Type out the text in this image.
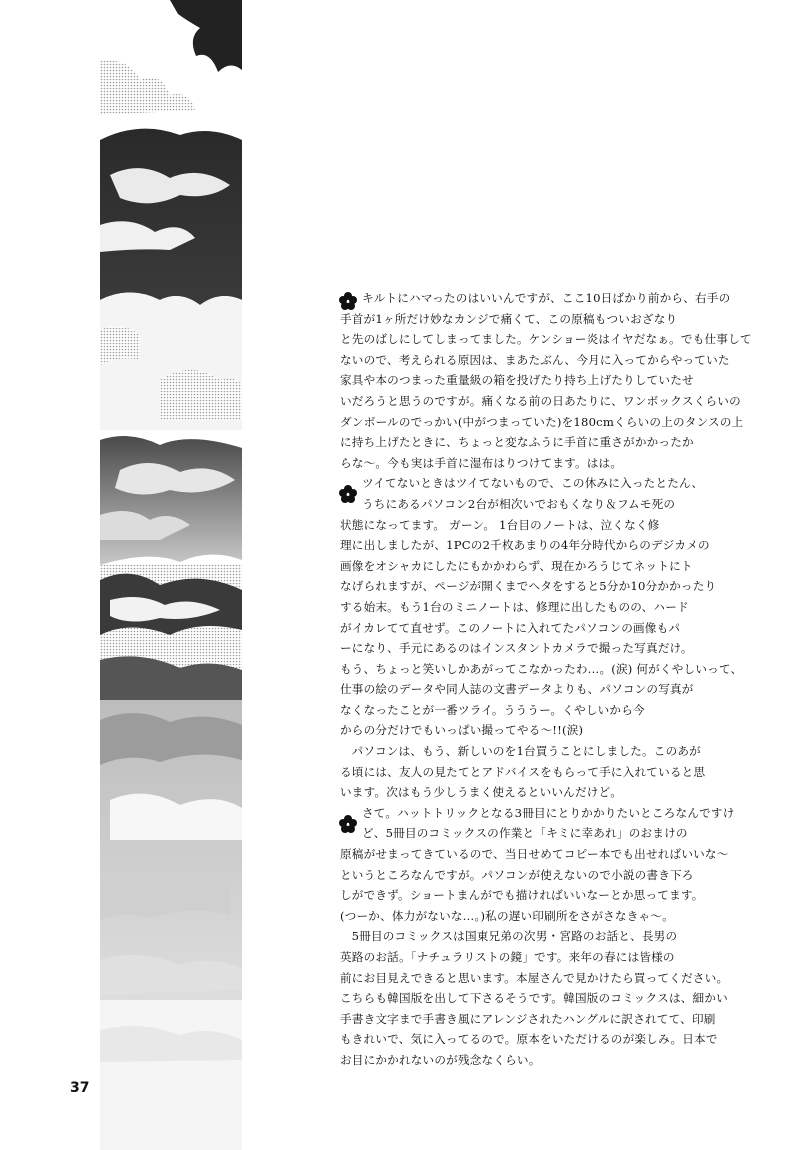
キルトにハマったのはいいんですが、ここ10日ばかり前から、右手の
手首が1ヶ所だけ妙なカンジで痛くて、この原稿もついおざなり
と先のばしにしてしまってました。ケンショー炎はイヤだなぁ。でも仕事して
ないので、考えられる原因は、まあたぶん、今月に入ってからやっていた
家具や本のつまった重量級の箱を投げたり持ち上げたりしていたせ
いだろうと思うのですが。痛くなる前の日あたりに、ワンボックスくらいの
ダンボールのでっかい(中がつまっていた)を180cmくらいの上のタンスの上
に持ち上げたときに、ちょっと変なふうに手首に重さがかかったか
らな〜。今も実は手首に湿布はりつけてます。はは。
ツイてないときはツイてないもので、この休みに入ったとたん、
うちにあるパソコン2台が相次いでおもくなり＆フムモ死の
状態になってます。 ガーン。 1台目のノートは、泣くなく修
理に出しましたが、1PCの2千枚あまりの4年分時代からのデジカメの
画像をオシャカにしたにもかかわらず、現在かろうじてネットにト
なげられますが、ページが開くまでヘタをすると5分か10分かかったり
する始末。もう1台のミニノートは、修理に出したものの、ハード
がイカレてて直せず。このノートに入れてたパソコンの画像もパ
ーになり、手元にあるのはインスタントカメラで撮った写真だけ。
もう、ちょっと笑いしかあがってこなかったわ…。(涙) 何がくやしいって、
仕事の絵のデータや同人誌の文書データよりも、パソコンの写真が
なくなったことが一番ツライ。うううー。くやしいから今
からの分だけでもいっぱい撮ってやる〜!!(涙)
パソコンは、もう、新しいのを1台買うことにしました。このあが
る頃には、友人の見たてとアドバイスをもらって手に入れていると思
います。次はもう少しうまく使えるといいんだけど。
さて。ハットトリックとなる3冊目にとりかかりたいところなんですけ
ど、5冊目のコミックスの作業と「キミに幸あれ」のおまけの
原稿がせまってきているので、当日せめてコピー本でも出せればいいな〜
というところなんですが。パソコンが使えないので小説の書き下ろ
しができず。ショートまんがでも描ければいいなーとか思ってます。
(つーか、体力がないな…。)私の遅い印刷所をさがさなきゃ〜。
5冊目のコミックスは国東兄弟の次男・宮路のお話と、長男の
英路のお話。「ナチュラリストの鏡」です。来年の春には皆様の
前にお目見えできると思います。本屋さんで見かけたら買ってください。
こちらも韓国版を出して下さるそうです。韓国版のコミックスは、細かい
手書き文字まで手書き風にアレンジされたハングルに訳されてて、印刷
もきれいで、気に入ってるので。原本をいただけるのが楽しみ。日本で
お目にかかれないのが残念なくらい。
37
